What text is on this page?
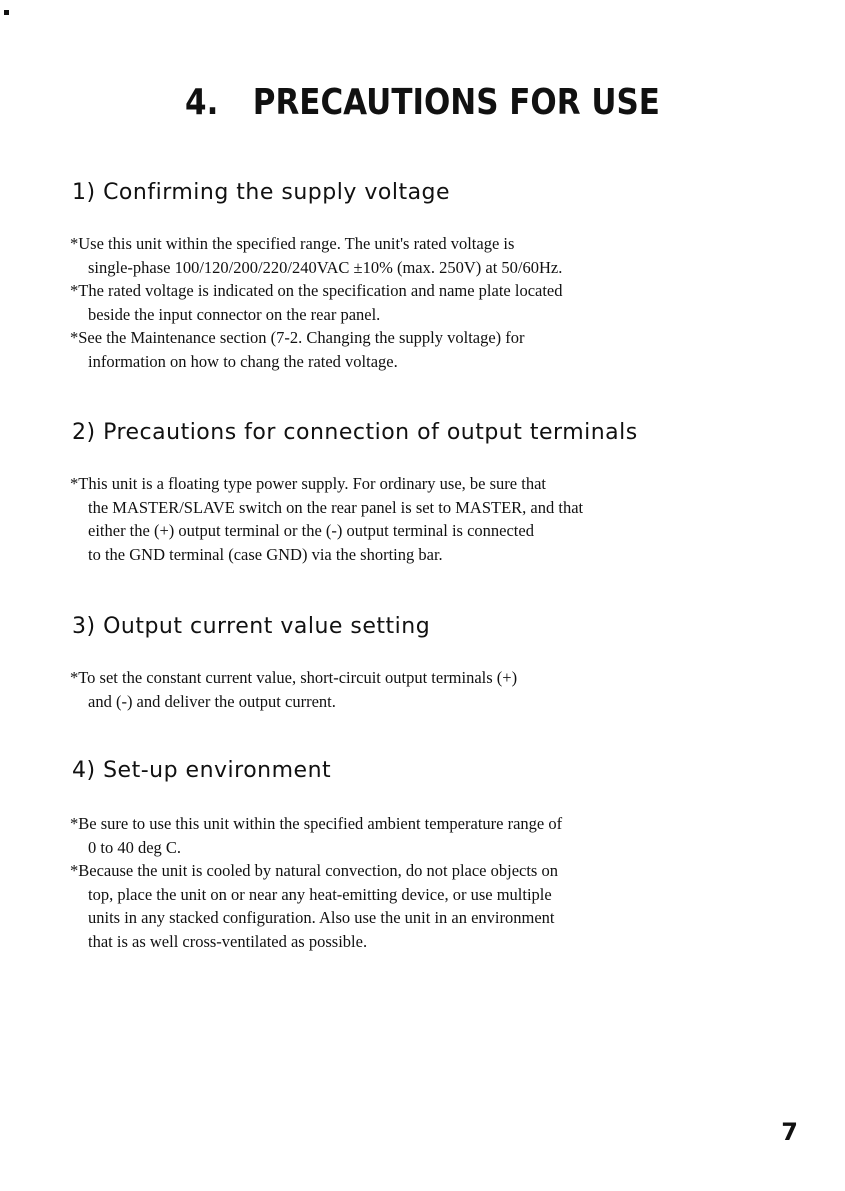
4. PRECAUTIONS FOR USE
1) Confirming the supply voltage
*Use this unit within the specified range. The unit's rated voltage is
single-phase 100/120/200/220/240VAC ±10% (max. 250V) at 50/60Hz.
*The rated voltage is indicated on the specification and name plate located
beside the input connector on the rear panel.
*See the Maintenance section (7-2. Changing the supply voltage) for
information on how to chang the rated voltage.
2) Precautions for connection of output terminals
*This unit is a floating type power supply. For ordinary use, be sure that
the MASTER/SLAVE switch on the rear panel is set to MASTER, and that
either the (+) output terminal or the (-) output terminal is connected
to the GND terminal (case GND) via the shorting bar.
3) Output current value setting
*To set the constant current value, short-circuit output terminals (+)
and (-) and deliver the output current.
4) Set-up environment
*Be sure to use this unit within the specified ambient temperature range of
0 to 40 deg C.
*Because the unit is cooled by natural convection, do not place objects on
top, place the unit on or near any heat-emitting device, or use multiple
units in any stacked configuration. Also use the unit in an environment
that is as well cross-ventilated as possible.
7
